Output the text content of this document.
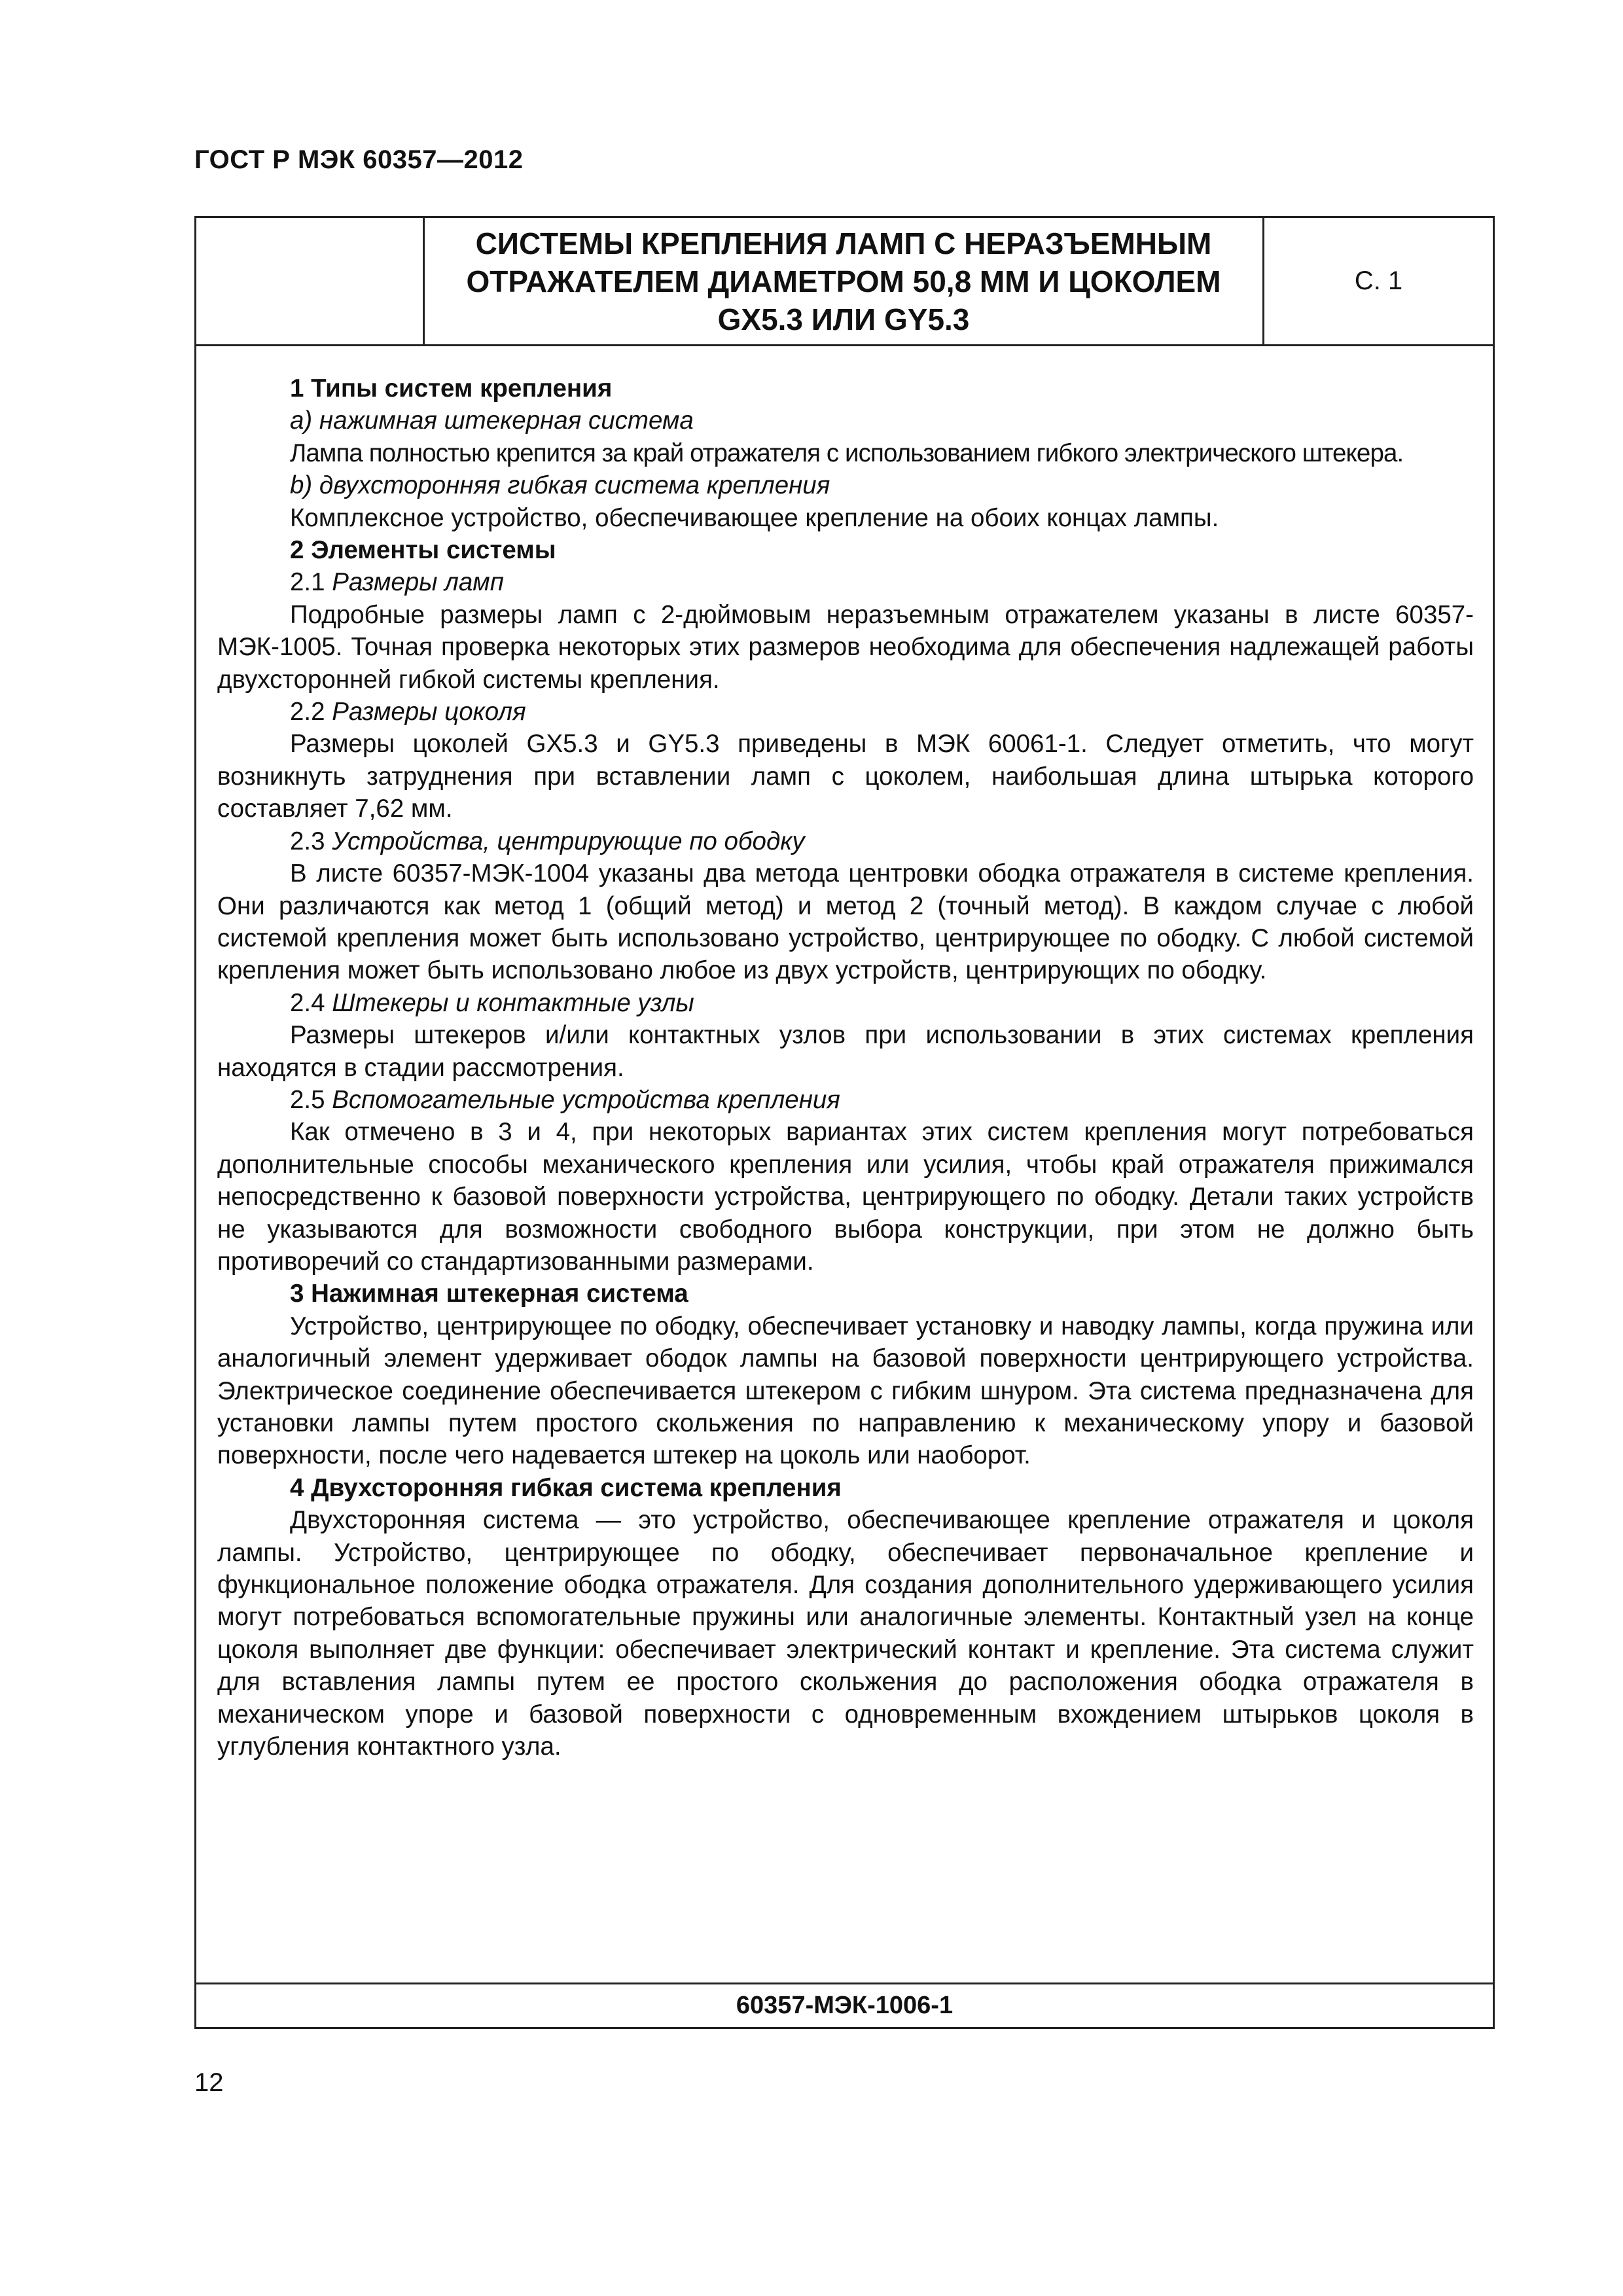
ГОСТ Р МЭК 60357—2012
СИСТЕМЫ КРЕПЛЕНИЯ ЛАМП С НЕРАЗЪЕМНЫМ
ОТРАЖАТЕЛЕМ ДИАМЕТРОМ 50,8 ММ И ЦОКОЛЕМ
GX5.3 ИЛИ GY5.3
С. 1

1 Типы систем крепления

a) нажимная штекерная система

Лампа полностью крепится за край отражателя с использованием гибкого электрического штекера.

b) двухсторонняя гибкая система крепления

Комплексное устройство, обеспечивающее крепление на обоих концах лампы.

2 Элементы системы

2.1 Размеры ламп

Подробные размеры ламп с 2-дюймовым неразъемным отражателем указаны в листе 60357-МЭК-1005. Точная проверка некоторых этих размеров необходима для обеспечения надлежащей работы двухсторонней гибкой системы крепления.

2.2 Размеры цоколя

Размеры цоколей GX5.3 и GY5.3 приведены в МЭК 60061-1. Следует отметить, что могут возникнуть затруднения при вставлении ламп с цоколем, наибольшая длина штырька которого составляет 7,62 мм.

2.3 Устройства, центрирующие по ободку

В листе 60357-МЭК-1004 указаны два метода центровки ободка отражателя в системе крепления. Они различаются как метод 1 (общий метод) и метод 2 (точный метод). В каждом случае с любой системой крепления может быть использовано устройство, центрирующее по ободку. С любой системой крепления может быть использовано любое из двух устройств, центрирующих по ободку.

2.4 Штекеры и контактные узлы

Размеры штекеров и/или контактных узлов при использовании в этих системах крепления находятся в стадии рассмотрения.

2.5 Вспомогательные устройства крепления

Как отмечено в 3 и 4, при некоторых вариантах этих систем крепления могут потребоваться дополнительные способы механического крепления или усилия, чтобы край отражателя прижимался непосредственно к базовой поверхности устройства, центрирующего по ободку. Детали таких устройств не указываются для возможности свободного выбора конструкции, при этом не должно быть противоречий со стандартизованными размерами.

3 Нажимная штекерная система

Устройство, центрирующее по ободку, обеспечивает установку и наводку лампы, когда пружина или аналогичный элемент удерживает ободок лампы на базовой поверхности центрирующего устройства. Электрическое соединение обеспечивается штекером с гибким шнуром. Эта система предназначена для установки лампы путем простого скольжения по направлению к механическому упору и базовой поверхности, после чего надевается штекер на цоколь или наоборот.

4 Двухсторонняя гибкая система крепления

Двухсторонняя система — это устройство, обеспечивающее крепление отражателя и цоколя лампы. Устройство, центрирующее по ободку, обеспечивает первоначальное крепление и функциональное положение ободка отражателя. Для создания дополнительного удерживающего усилия могут потребоваться вспомогательные пружины или аналогичные элементы. Контактный узел на конце цоколя выполняет две функции: обеспечивает электрический контакт и крепление. Эта система служит для вставления лампы путем ее простого скольжения до расположения ободка отражателя в механическом упоре и базовой поверхности с одновременным вхождением штырьков цоколя в углубления контактного узла.

60357-МЭК-1006-1
12
